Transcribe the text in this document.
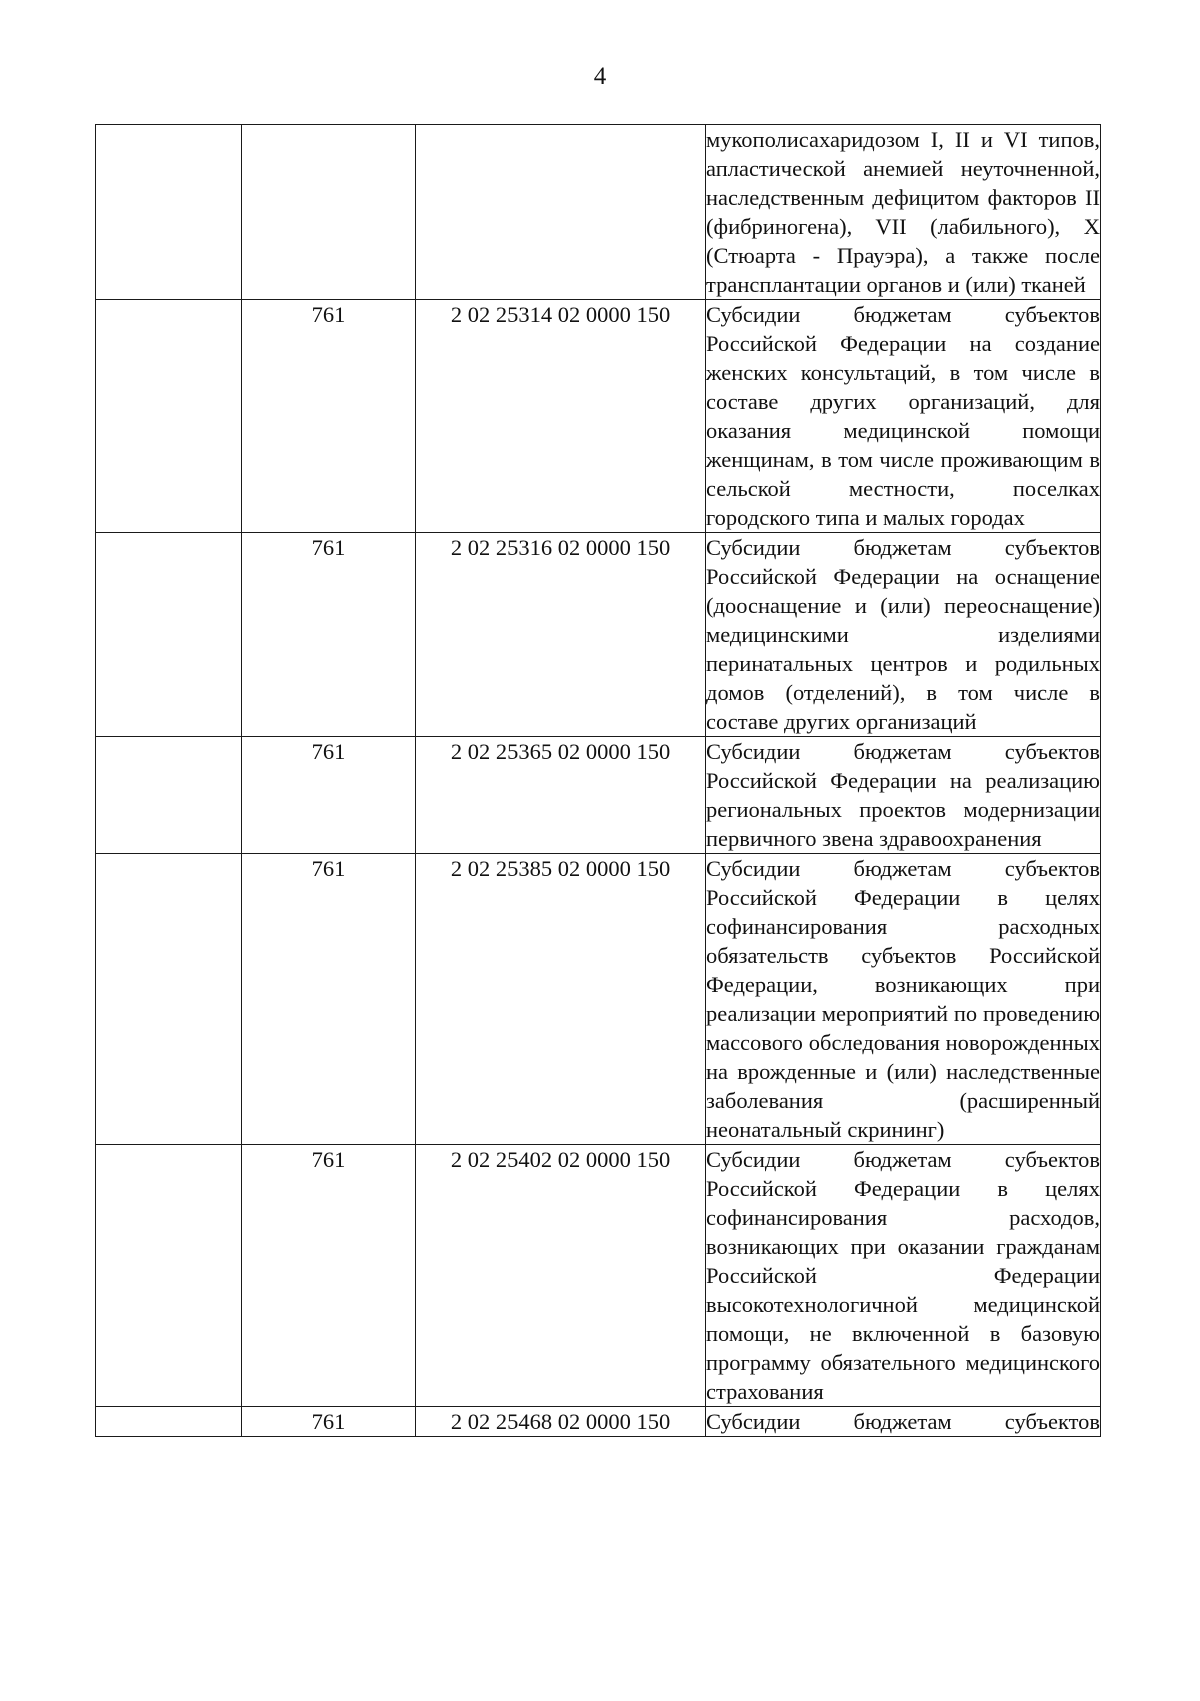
4
			мукополисахаридозом I, II и VI типов, апластической анемией неуточненной, наследственным дефицитом факторов II (фибриногена), VII (лабильного), X (Стюарта - Прауэра), а также после трансплантации органов и (или) тканей
	761	2 02 25314 02 0000 150	Субсидии бюджетам субъектов Российской Федерации на создание женских консультаций, в том числе в составе других организаций, для оказания медицинской помощи женщинам, в том числе проживающим в сельской местности, поселках городского типа и малых городах
	761	2 02 25316 02 0000 150	Субсидии бюджетам субъектов Российской Федерации на оснащение (дооснащение и (или) переоснащение) медицинскими изделиями перинатальных центров и родильных домов (отделений), в том числе в составе других организаций
	761	2 02 25365 02 0000 150	Субсидии бюджетам субъектов Российской Федерации на реализацию региональных проектов модернизации первичного звена здравоохранения
	761	2 02 25385 02 0000 150	Субсидии бюджетам субъектов Российской Федерации в целях софинансирования расходных обязательств субъектов Российской Федерации, возникающих при реализации мероприятий по проведению массового обследования новорожденных на врожденные и (или) наследственные заболевания (расширенный неонатальный скрининг)
	761	2 02 25402 02 0000 150	Субсидии бюджетам субъектов Российской Федерации в целях софинансирования расходов, возникающих при оказании гражданам Российской Федерации высокотехнологичной медицинской помощи, не включенной в базовую программу обязательного медицинского страхования
	761	2 02 25468 02 0000 150	Субсидии бюджетам субъектов
